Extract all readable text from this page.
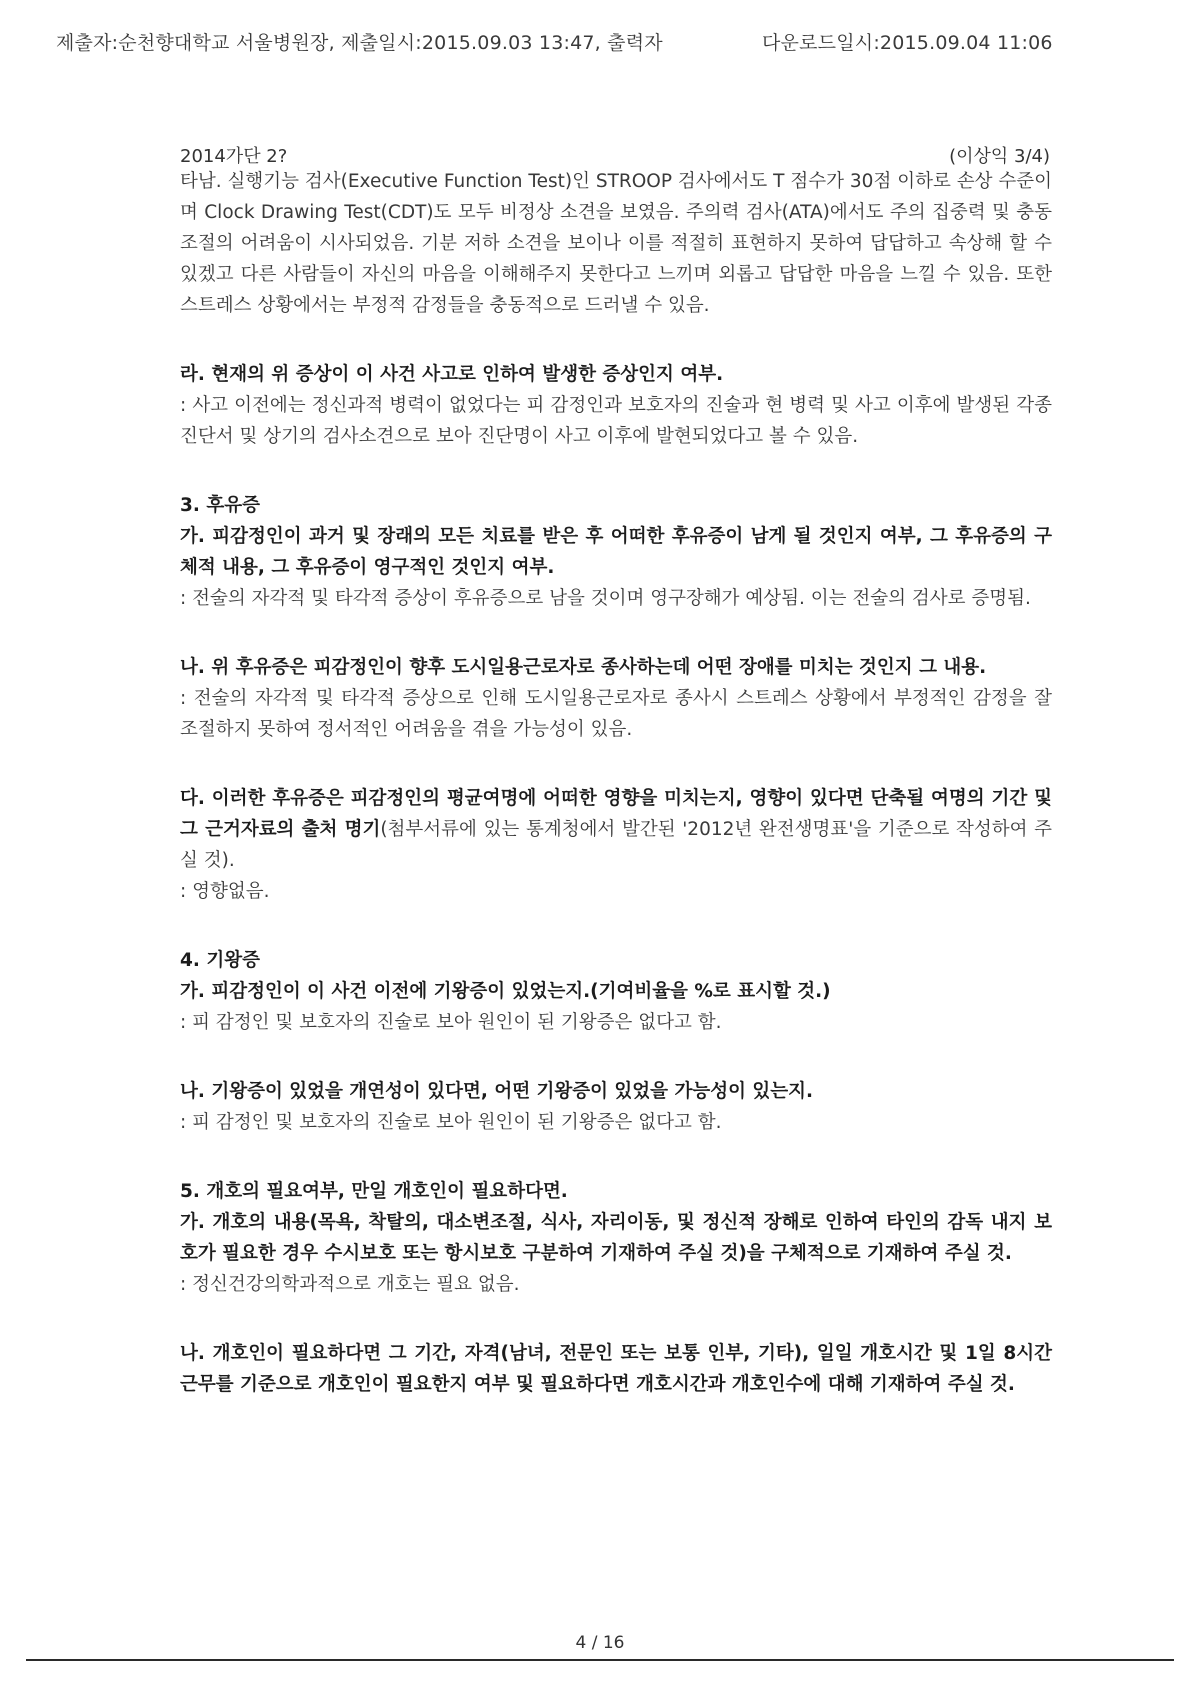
제출자:순천향대학교 서울병원장, 제출일시:2015.09.03 13:47, 출력자	다운로드일시:2015.09.04 11:06
2014가단 2?	(이상익 3/4)

타남. 실행기능 검사(Executive Function Test)인 STROOP 검사에서도 T 점수가 30점 이하로 손상 수준이며 Clock Drawing Test(CDT)도 모두 비정상 소견을 보였음. 주의력 검사(ATA)에서도 주의 집중력 및 충동 조절의 어려움이 시사되었음. 기분 저하 소견을 보이나 이를 적절히 표현하지 못하여 답답하고 속상해 할 수 있겠고 다른 사람들이 자신의 마음을 이해해주지 못한다고 느끼며 외롭고 답답한 마음을 느낄 수 있음. 또한 스트레스 상황에서는 부정적 감정들을 충동적으로 드러낼 수 있음.

라. 현재의 위 증상이 이 사건 사고로 인하여 발생한 증상인지 여부.

: 사고 이전에는 정신과적 병력이 없었다는 피 감정인과 보호자의 진술과 현 병력 및 사고 이후에 발생된 각종 진단서 및 상기의 검사소견으로 보아 진단명이 사고 이후에 발현되었다고 볼 수 있음.

3. 후유증

가. 피감정인이 과거 및 장래의 모든 치료를 받은 후 어떠한 후유증이 남게 될 것인지 여부, 그 후유증의 구체적 내용, 그 후유증이 영구적인 것인지 여부.

: 전술의 자각적 및 타각적 증상이 후유증으로 남을 것이며 영구장해가 예상됨. 이는 전술의 검사로 증명됨.

나. 위 후유증은 피감정인이 향후 도시일용근로자로 종사하는데 어떤 장애를 미치는 것인지 그 내용.

: 전술의 자각적 및 타각적 증상으로 인해 도시일용근로자로 종사시 스트레스 상황에서 부정적인 감정을 잘 조절하지 못하여 정서적인 어려움을 겪을 가능성이 있음.

다. 이러한 후유증은 피감정인의 평균여명에 어떠한 영향을 미치는지, 영향이 있다면 단축될 여명의 기간 및 그 근거자료의 출처 명기(첨부서류에 있는 통계청에서 발간된 '2012년 완전생명표'을 기준으로 작성하여 주실 것).

: 영향없음.

4. 기왕증

가. 피감정인이 이 사건 이전에 기왕증이 있었는지.(기여비율을 %로 표시할 것.)

: 피 감정인 및 보호자의 진술로 보아 원인이 된 기왕증은 없다고 함.

나. 기왕증이 있었을 개연성이 있다면, 어떤 기왕증이 있었을 가능성이 있는지.

: 피 감정인 및 보호자의 진술로 보아 원인이 된 기왕증은 없다고 함.

5. 개호의 필요여부, 만일 개호인이 필요하다면.

가. 개호의 내용(목욕, 착탈의, 대소변조절, 식사, 자리이동, 및 정신적 장해로 인하여 타인의 감독 내지 보호가 필요한 경우 수시보호 또는 항시보호 구분하여 기재하여 주실 것)을 구체적으로 기재하여 주실 것.

: 정신건강의학과적으로 개호는 필요 없음.

나. 개호인이 필요하다면 그 기간, 자격(남녀, 전문인 또는 보통 인부, 기타), 일일 개호시간 및 1일 8시간 근무를 기준으로 개호인이 필요한지 여부 및 필요하다면 개호시간과 개호인수에 대해 기재하여 주실 것.

4 / 16
